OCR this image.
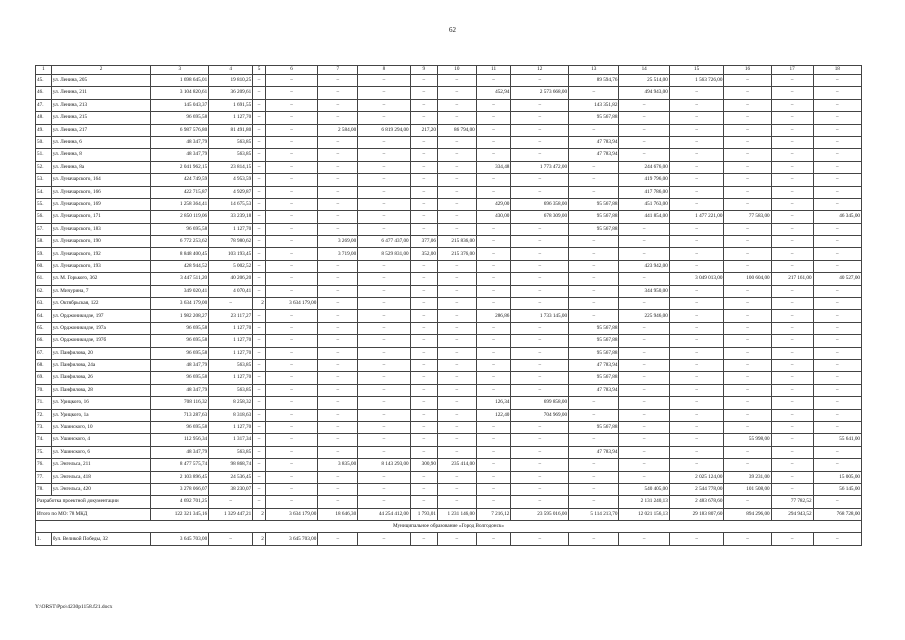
62
1	2	3	4	5	6	7	8	9	10	11	12	13	14	15	16	17	18
45.	ул. Ленина, 205	1 698 645,01	19 810,25	–	–	–	–	–	–	–	–	89 594,76	25 514,00	1 563 726,00	–	–	–
46.	ул. Ленина, 211	3 104 820,61	36 209,61	–	–	–	–	–	–	452,94	2 573 668,00	–	494 943,00	–	–	–	–
47.	ул. Ленина, 213	145 043,37	1 691,55	–	–	–	–	–	–	–	–	143 351,82	–	–	–	–	–
48.	ул. Ленина, 215	96 695,58	1 127,70	–	–	–	–	–	–	–	–	95 567,88	–	–	–	–	–
49.	ул. Ленина, 217	6 987 576,80	81 491,80	–	–	2 584,00	6 819 294,00	217,20	86 794,00	–	–	–	–	–	–	–	–
50.	ул. Ленина, 6	48 347,79	563,85	–	–	–	–	–	–	–	–	47 783,94	–	–	–	–	–
51.	ул. Ленина, 8	48 347,79	563,85	–	–	–	–	–	–	–	–	47 783,94	–	–	–	–	–
52.	ул. Ленина, 8а	2 041 962,15	23 814,15	–	–	–	–	–	–	334,48	1 773 472,00	–	244 676,00	–	–	–	–
53.	ул. Луначарского, 164	424 749,59	4 953,59	–	–	–	–	–	–	–	–	–	419 796,00	–	–	–	–
54.	ул. Луначарского, 166	422 715,87	4 929,87	–	–	–	–	–	–	–	–	–	417 786,00	–	–	–	–
55.	ул. Луначарского, 169	1 258 364,41	14 675,53	–	–	–	–	–	–	429,00	696 358,00	95 567,88	451 763,00	–	–	–	–
56.	ул. Луначарского, 171	2 850 119,06	33 239,18	–	–	–	–	–	–	430,00	678 309,00	95 567,88	441 854,00	1 477 221,00	77 583,00	–	46 345,00
57.	ул. Луначарского, 183	96 695,58	1 127,70	–	–	–	–	–	–	–	–	95 567,88	–	–	–	–	–
58.	ул. Луначарского, 190	6 772 253,62	78 980,62	–	–	3 269,00	6 477 437,00	377,06	215 836,00	–	–	–	–	–	–	–	–
59.	ул. Луначарского, 192	8 848 400,45	103 193,45	–	–	3 719,00	8 529 831,00	352,00	215 376,00	–	–	–	–	–	–	–	–
60.	ул. Луначарского, 193	428 944,52	5 002,52	–	–	–	–	–	–	–	–	–	423 942,00	–	–	–	–
61.	ул. М. Горького, 362	3 447 511,20	40 206,20	–	–	–	–	–	–	–	–	–	–	3 049 013,00	100 604,00	217 161,00	40 527,00
62.	ул. Мичурина, 7	349 020,41	4 070,41	–	–	–	–	–	–	–	–	–	344 950,00	–	–	–	–
63.	ул. Октябрьская, 122	3 634 179,00	–	2	3 634 179,00	–	–	–	–	–	–	–	–	–	–	–	–
64.	ул. Орджоникидзе, 197	1 982 208,27	23 117,27	–	–	–	–	–	–	286,86	1 733 145,00	–	225 946,00	–	–	–	–
65.	ул. Орджоникидзе, 197а	96 695,58	1 127,70	–	–	–	–	–	–	–	–	95 567,88	–	–	–	–	–
66.	ул. Орджоникидзе, 197б	96 695,58	1 127,70	–	–	–	–	–	–	–	–	95 567,88	–	–	–	–	–
67.	ул. Панфилова, 20	96 695,58	1 127,70	–	–	–	–	–	–	–	–	95 567,88	–	–	–	–	–
68.	ул. Панфилова, 24а	48 347,79	563,85	–	–	–	–	–	–	–	–	47 783,94	–	–	–	–	–
69.	ул. Панфилова, 26	96 695,58	1 127,70	–	–	–	–	–	–	–	–	95 567,88	–	–	–	–	–
70.	ул. Панфилова, 28	48 347,79	563,85	–	–	–	–	–	–	–	–	47 783,94	–	–	–	–	–
71.	ул. Урицкого, 16	708 116,32	8 258,32	–	–	–	–	–	–	126,34	699 858,00	–	–	–	–	–	–
72.	ул. Урицкого, 1а	713 287,63	8 318,63	–	–	–	–	–	–	122,40	704 969,00	–	–	–	–	–	–
73.	ул. Ушинского, 10	96 695,58	1 127,70	–	–	–	–	–	–	–	–	95 567,88	–	–	–	–	–
74.	ул. Ушинского, 4	112 956,34	1 317,34	–	–	–	–	–	–	–	–	–	–	–	55 998,00	–	55 641,00
75.	ул. Ушинского, 6	48 347,79	563,85	–	–	–	–	–	–	–	–	47 783,94	–	–	–	–	–
76.	ул. Энгельса, 211	8 477 575,74	98 868,74	–	–	3 835,00	8 143 293,00	300,90	235 414,00	–	–	–	–	–	–	–	–
77.	ул. Энгельса, 418	2 103 896,45	24 536,45	–	–	–	–	–	–	–	–	–	–	2 025 124,00	39 231,00	–	15 005,00
78.	ул. Энгельса, 420	3 278 066,07	38 230,07	–	–	–	–	–	–	–	–	–	540 405,00	2 544 778,00	101 508,00	–	56 145,00
Разработка проектной документации		4 692 701,25	–	–	–	–	–	–	–	–	–	–	2 131 240,13	2 483 678,60	–	77 782,52	–
Итого по МО: 78 МКД		122 321 345,16	1 329 447,21	2	3 634 179,00	18 646,30	44 254 412,00	1 793,01	1 231 146,00	7 216,12	23 595 016,00	5 114 213,70	12 021 156,13	29 183 807,60	894 296,00	294 943,52	768 728,00
Муниципальное образование «Город Волгодонск»																	
1.	бул. Великой Победы, 32	3 645 703,00	–	2	3 645 703,00	–	–	–	–	–	–	–	–	–	–	–	–
Y:\ORST\Ppo\4230p1158.f21.docx
